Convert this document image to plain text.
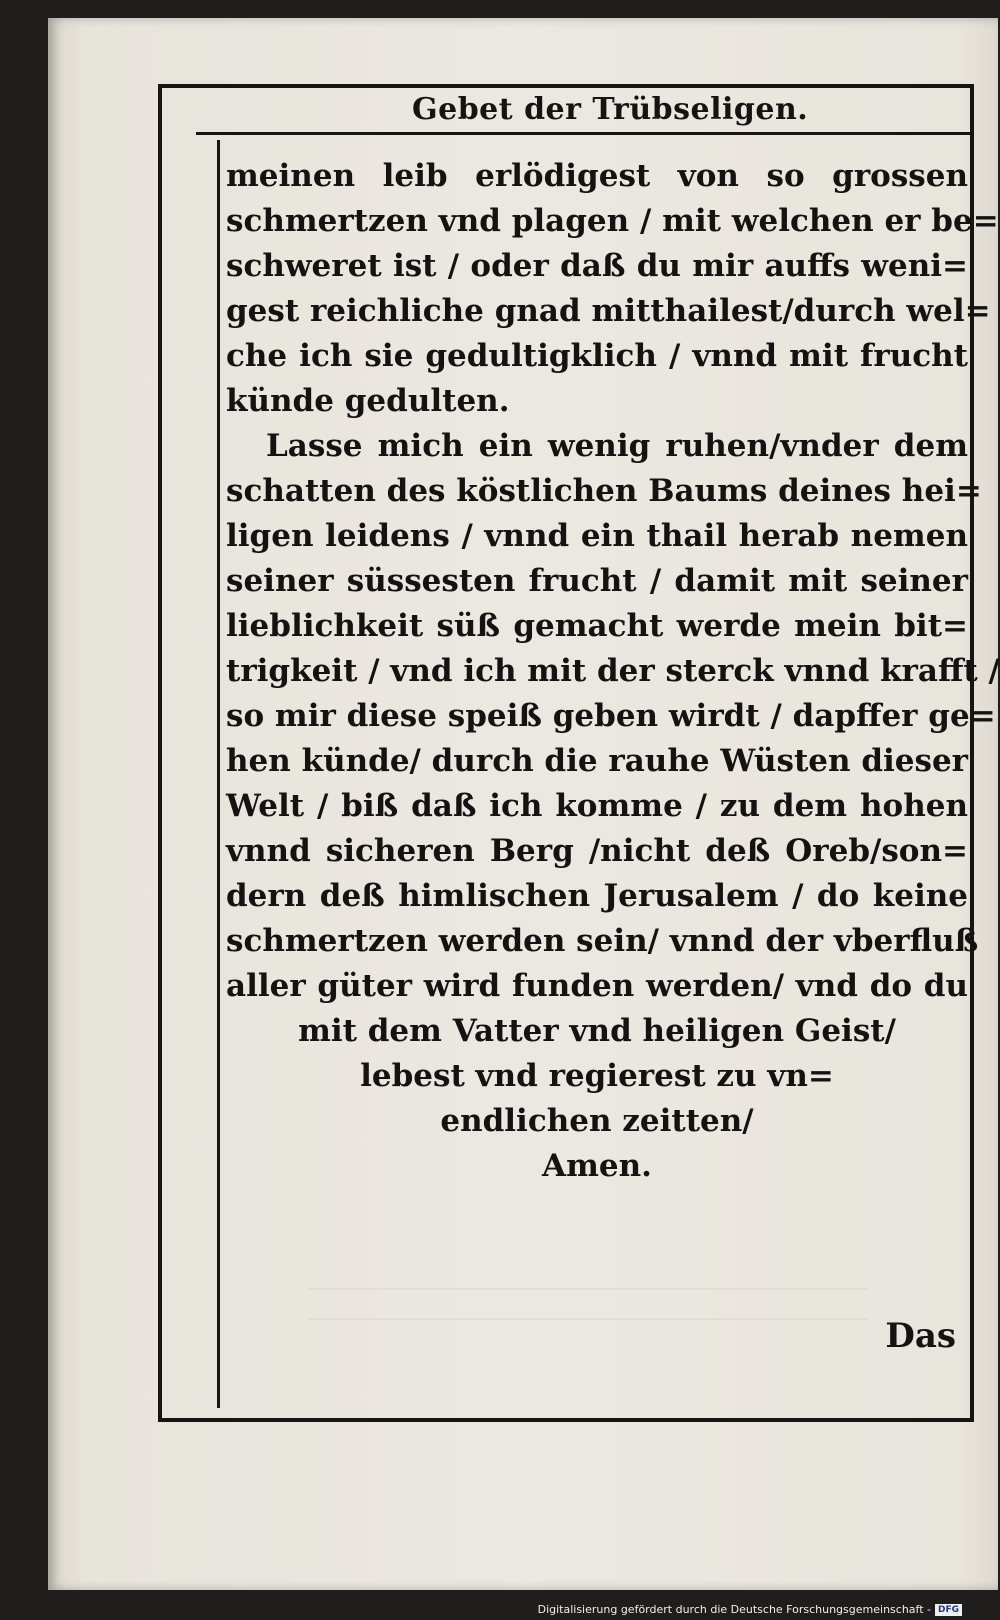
Gebet der Trübseligen.
meinen leib erlödigest von so grossen
schmertzen vnd plagen / mit welchen er be=
schweret ist / oder daß du mir auffs weni=
gest reichliche gnad mitthailest/durch wel=
che ich sie gedultigklich / vnnd mit frucht
künde gedulten.
Lasse mich ein wenig ruhen/vnder dem
schatten des köstlichen Baums deines hei=
ligen leidens / vnnd ein thail herab nemen
seiner süssesten frucht / damit mit seiner
lieblichkeit süß gemacht werde mein bit=
trigkeit / vnd ich mit der sterck vnnd krafft /
so mir diese speiß geben wirdt / dapffer ge=
hen künde/ durch die rauhe Wüsten dieser
Welt / biß daß ich komme / zu dem hohen
vnnd sicheren Berg /nicht deß Oreb/son=
dern deß himlischen Jerusalem / do keine
schmertzen werden sein/ vnnd der vberfluß
aller güter wird funden werden/ vnd do du
mit dem Vatter vnd heiligen Geist/
lebest vnd regierest zu vn=
endlichen zeitten/
Amen.
Das
Digitalisierung gefördert durch die Deutsche Forschungsgemeinschaft - DFG
